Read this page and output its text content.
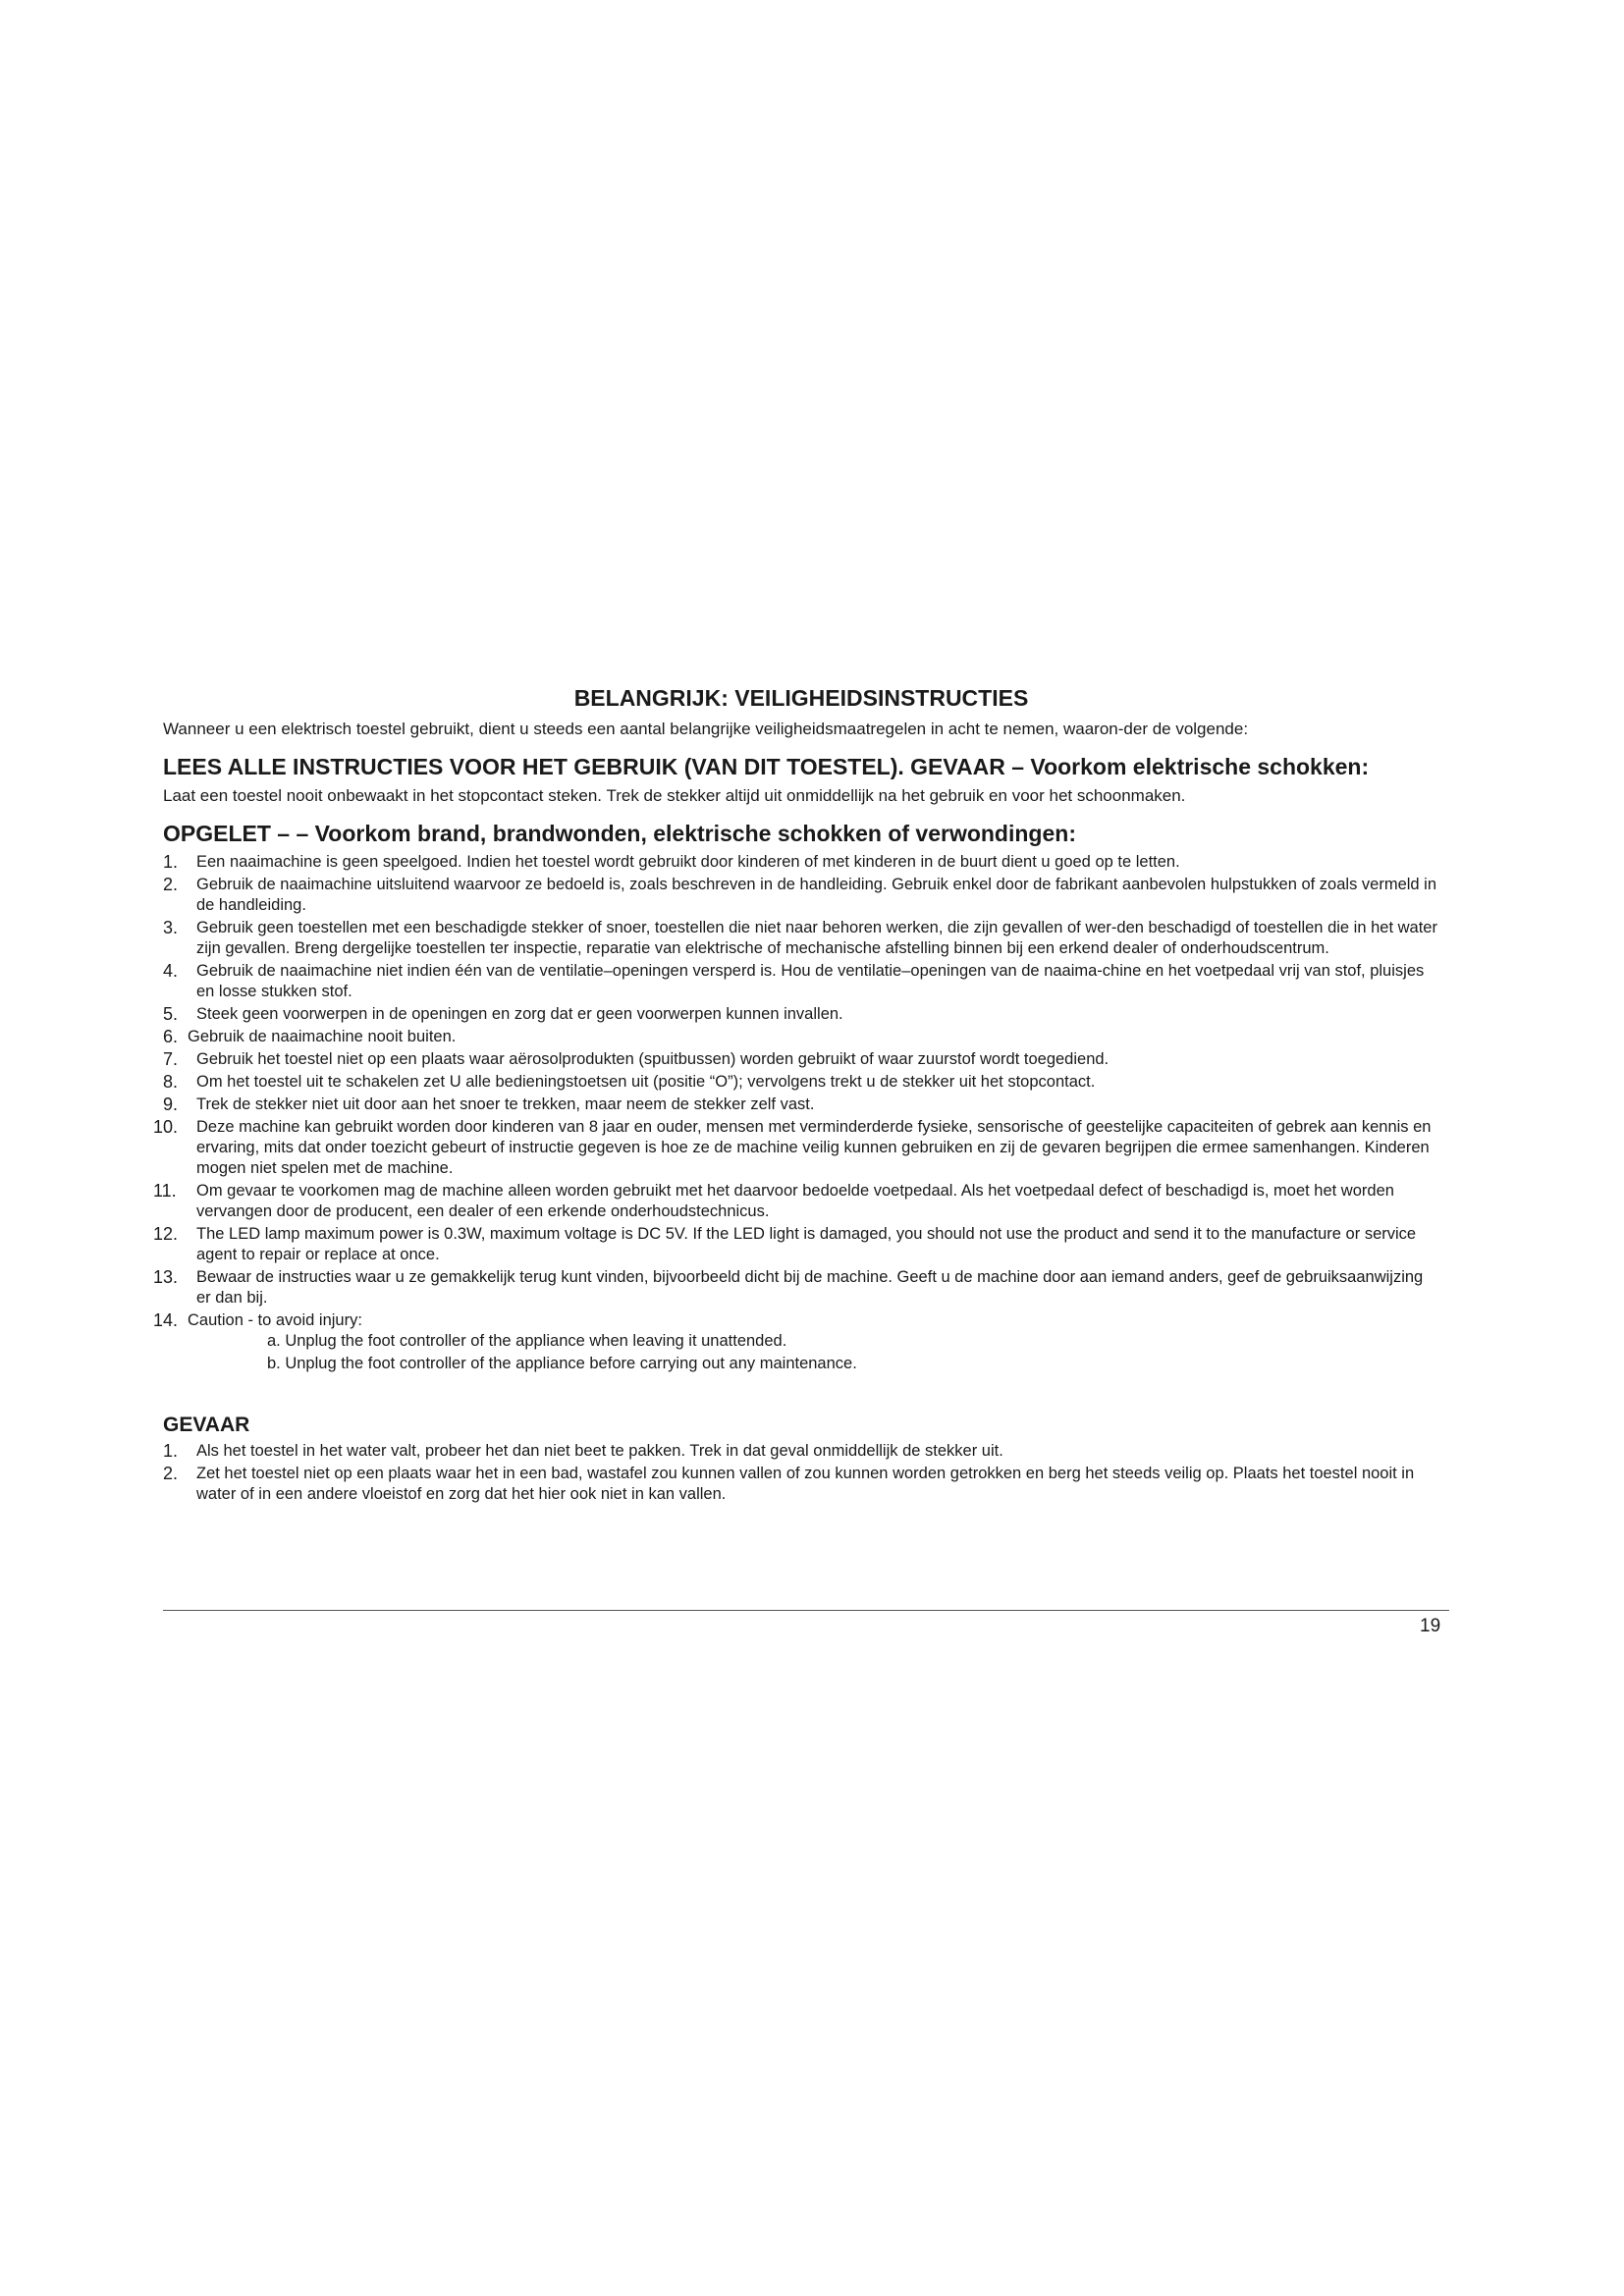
BELANGRIJK: VEILIGHEIDSINSTRUCTIES

Wanneer u een elektrisch toestel gebruikt, dient u steeds een aantal belangrijke veiligheidsmaatregelen in acht te nemen, waaron-der de volgende:

LEES ALLE INSTRUCTIES VOOR HET GEBRUIK (VAN DIT TOESTEL). GEVAAR – Voorkom elektrische schokken:

Laat een toestel nooit onbewaakt in het stopcontact steken. Trek de stekker altijd uit onmiddellijk na het gebruik en voor het schoonmaken.

OPGELET – – Voorkom brand, brandwonden, elektrische schokken of verwondingen:
1.	Een naaimachine is geen speelgoed. Indien het toestel wordt gebruikt door kinderen of met kinderen in de buurt dient u goed op te letten.
2.	Gebruik de naaimachine uitsluitend waarvoor ze bedoeld is, zoals beschreven in de handleiding. Gebruik enkel door de fabrikant aanbevolen hulpstukken of zoals vermeld in de handleiding.
3.	Gebruik geen toestellen met een beschadigde stekker of snoer, toestellen die niet naar behoren werken, die zijn gevallen of wer-den beschadigd of toestellen die in het water zijn gevallen. Breng dergelijke toestellen ter inspectie, reparatie van elektrische of mechanische afstelling binnen bij een erkend dealer of onderhoudscentrum.
4.	Gebruik de naaimachine niet indien één van de ventilatie–openingen versperd is. Hou de ventilatie–openingen van de naaima-chine en het voetpedaal vrij van stof, pluisjes en losse stukken stof.
5.	Steek geen voorwerpen in de openingen en zorg dat er geen voorwerpen kunnen invallen.
6. Gebruik de naaimachine nooit buiten.
7.	Gebruik het toestel niet op een plaats waar aërosolprodukten (spuitbussen) worden gebruikt of waar zuurstof wordt toegediend.
8.	Om het toestel uit te schakelen zet U alle bedieningstoetsen uit (positie “O”); vervolgens trekt u de stekker uit het stopcontact.
9.	Trek de stekker niet uit door aan het snoer te trekken, maar neem de stekker zelf vast.
10.	Deze machine kan gebruikt worden door kinderen van 8 jaar en ouder, mensen met verminderderde fysieke, sensorische of geestelijke capaciteiten of gebrek aan kennis en ervaring, mits dat onder toezicht gebeurt of instructie gegeven is hoe ze de machine veilig kunnen gebruiken en zij de gevaren begrijpen die ermee samenhangen. Kinderen mogen niet spelen met de machine.
11.	Om gevaar te voorkomen mag de machine alleen worden gebruikt met het daarvoor bedoelde voetpedaal. Als het voetpedaal defect of beschadigd is, moet het worden vervangen door de producent, een dealer of een erkende onderhoudstechnicus.
12.	The LED lamp maximum power is 0.3W, maximum voltage is DC 5V. If the LED light is damaged, you should not use the product and send it to the manufacture or service agent to repair or replace at once.
13.	Bewaar de instructies waar u ze gemakkelijk terug kunt vinden, bijvoorbeeld dicht bij de machine. Geeft u de machine door aan iemand anders, geef de gebruiksaanwijzing er dan bij.
14. Caution - to avoid injury:
a. Unplug the foot controller of the appliance when leaving it unattended.
b. Unplug the foot controller of the appliance before carrying out any maintenance.
GEVAAR
1.	Als het toestel in het water valt, probeer het dan niet beet te pakken. Trek in dat geval onmiddellijk de stekker uit.
2.	Zet het toestel niet op een plaats waar het in een bad, wastafel zou kunnen vallen of zou kunnen worden getrokken en berg het steeds veilig op. Plaats het toestel nooit in water of in een andere vloeistof en zorg dat het hier ook niet in kan vallen.
19
